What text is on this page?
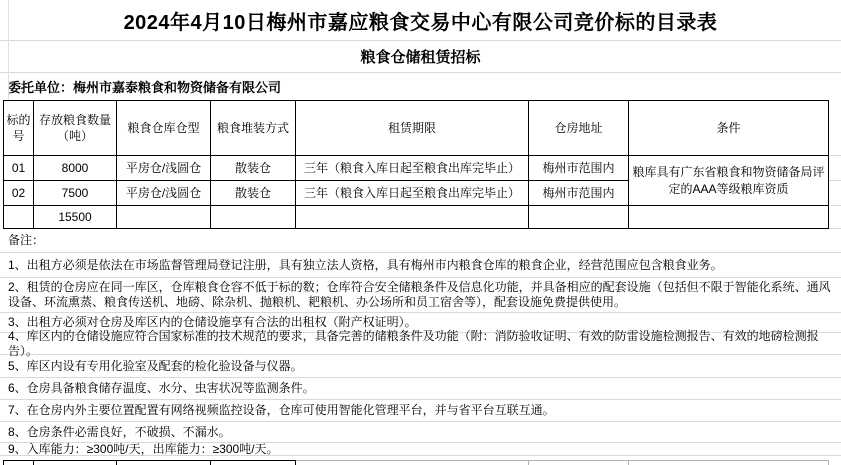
2024年4月10日梅州市嘉应粮食交易中心有限公司竞价标的目录表
粮食仓储租赁招标
委托单位：梅州市嘉泰粮食和物资储备有限公司
标的号	存放粮食数量（吨）	粮食仓库仓型	粮食堆装方式	租赁期限	仓房地址	条件
01	8000	平房仓/浅圆仓	散装仓	三年（粮食入库日起至粮食出库完毕止）	梅州市范围内	粮库具有广东省粮食和物资储备局评定的AAA等级粮库资质
02	7500	平房仓/浅圆仓	散装仓	三年（粮食入库日起至粮食出库完毕止）	梅州市范围内	
	15500					
备注：
1、出租方必须是依法在市场监督管理局登记注册，具有独立法人资格，具有梅州市内粮食仓库的粮食企业，经营范围应包含粮食业务。
2、租赁的仓房应在同一库区，仓库粮食仓容不低于标的数；仓库符合安全储粮条件及信息化功能，并具备相应的配套设施（包括但不限于智能化系统、通风设备、环流熏蒸、粮食传送机、地磅、除杂机、抛粮机、耙粮机、办公场所和员工宿舍等），配套设施免费提供使用。
3、出租方必须对仓房及库区内的仓储设施享有合法的出租权（附产权证明）。
4、库区内的仓储设施应符合国家标准的技术规范的要求，具备完善的储粮条件及功能（附：消防验收证明、有效的防雷设施检测报告、有效的地磅检测报告）。
5、库区内设有专用化验室及配套的检化验设备与仪器。
6、仓房具备粮食储存温度、水分、虫害状况等监测条件。
7、在仓房内外主要位置配置有网络视频监控设备，仓库可使用智能化管理平台，并与省平台互联互通。
8、仓房条件必需良好，不破损、不漏水。
9、入库能力：≥300吨/天，出库能力：≥300吨/天。
